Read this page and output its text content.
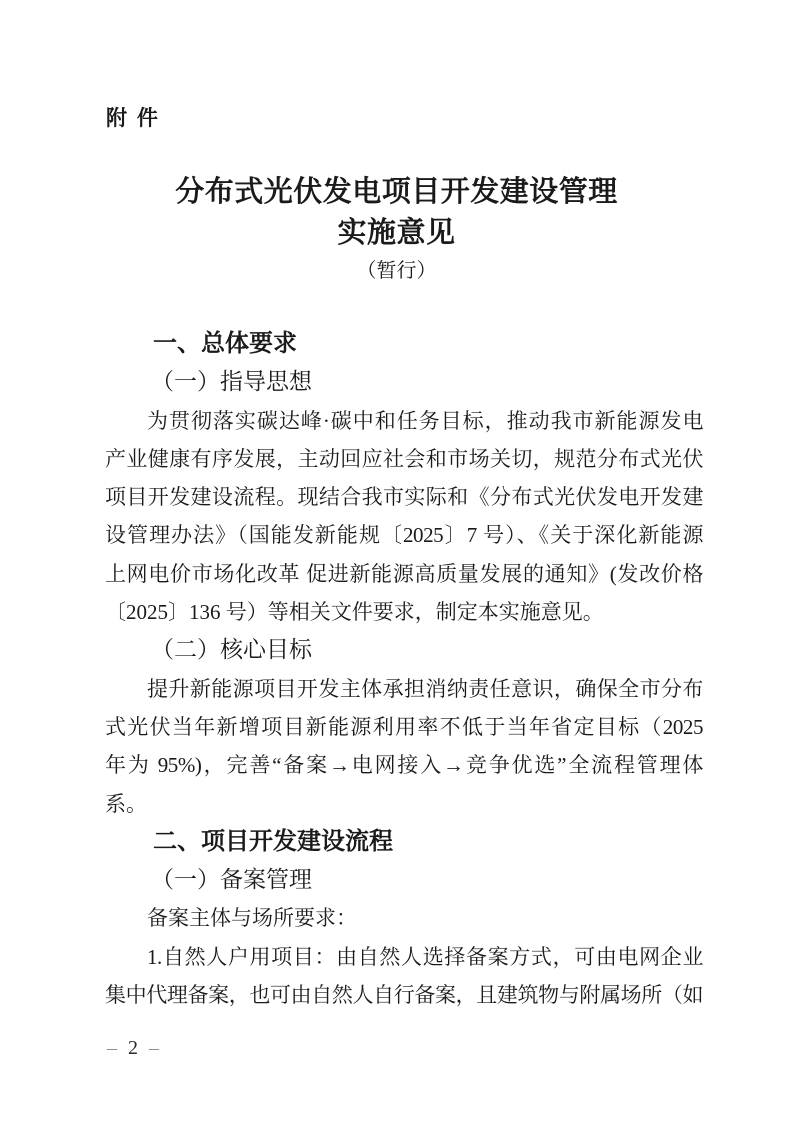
附 件
分布式光伏发电项目开发建设管理
实施意见
（暂行）
一、总体要求
（一）指导思想
为贯彻落实碳达峰·碳中和任务目标，推动我市新能源发电
产业健康有序发展，主动回应社会和市场关切，规范分布式光伏
项目开发建设流程。现结合我市实际和《分布式光伏发电开发建
设管理办法》（国能发新能规〔2025〕7 号）、《关于深化新能源
上网电价市场化改革 促进新能源高质量发展的通知》(发改价格
〔2025〕136 号）等相关文件要求，制定本实施意见。
（二）核心目标
提升新能源项目开发主体承担消纳责任意识，确保全市分布
式光伏当年新增项目新能源利用率不低于当年省定目标（2025
年为 95%)，完善“备案→电网接入→竞争优选”全流程管理体
系。
二、项目开发建设流程
（一）备案管理
备案主体与场所要求：
1.自然人户用项目：由自然人选择备案方式，可由电网企业
集中代理备案，也可由自然人自行备案，且建筑物与附属场所（如
– 2 –
